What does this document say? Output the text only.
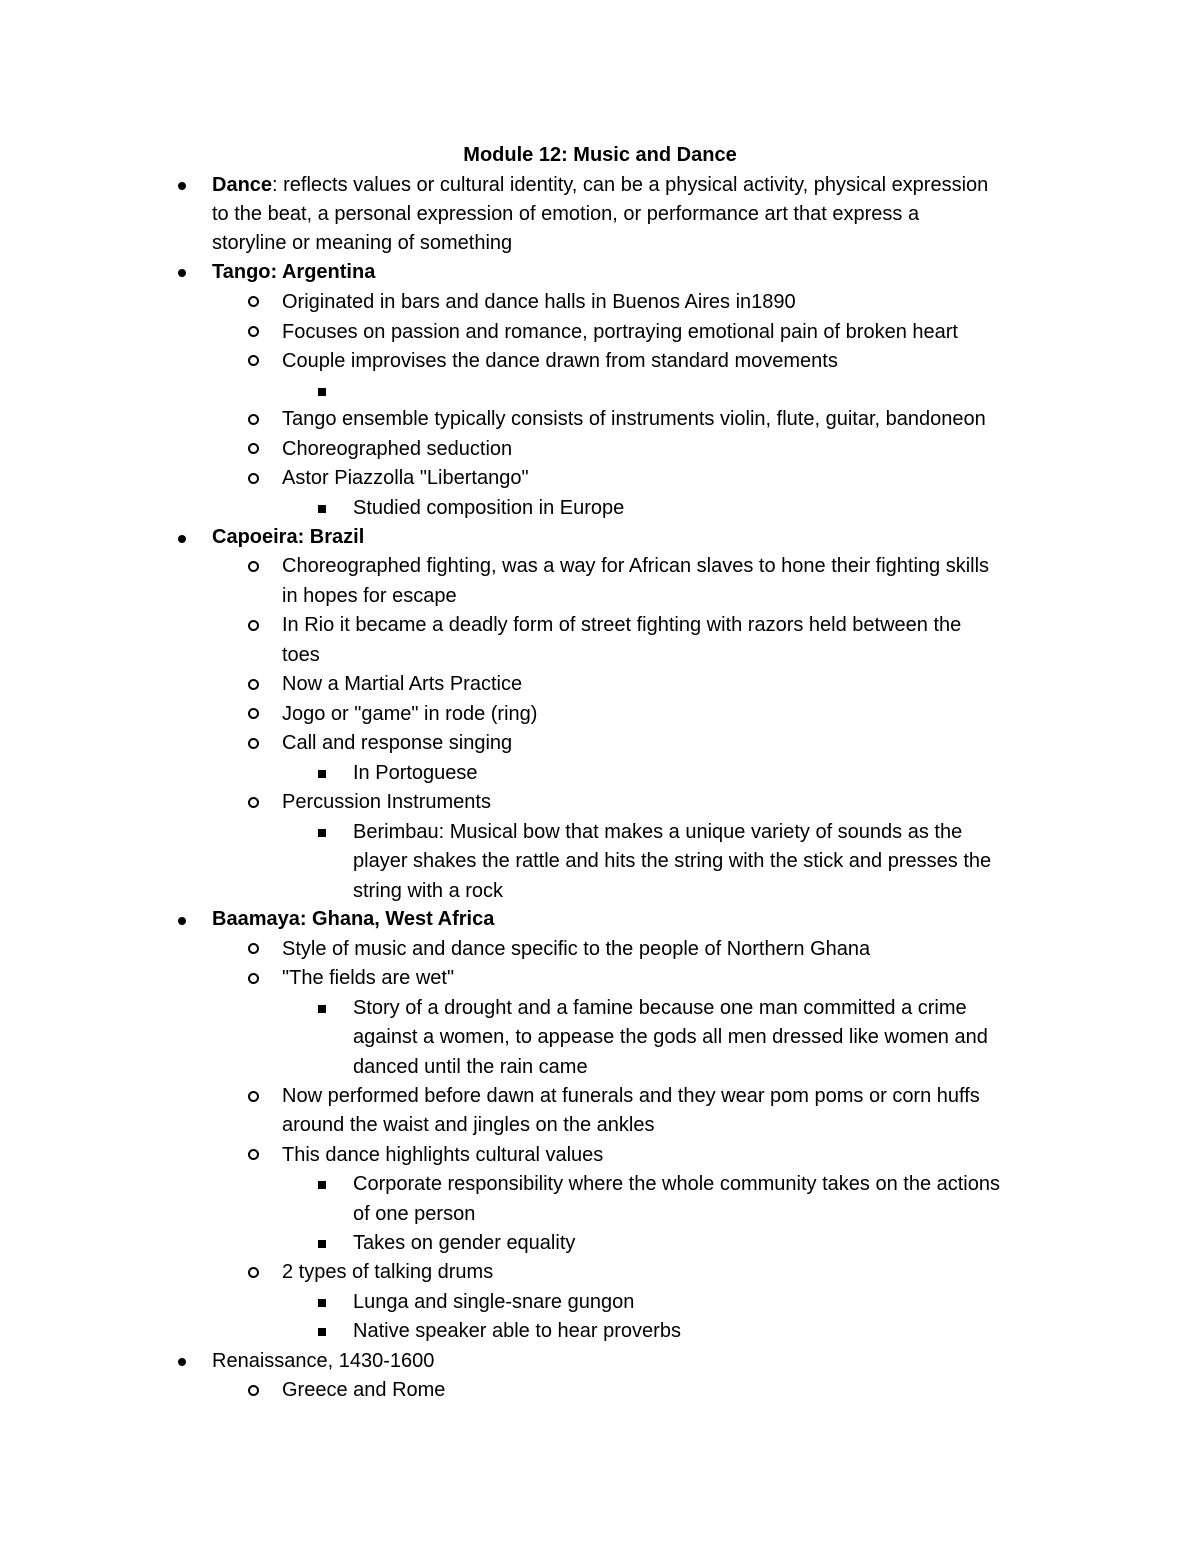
Module 12: Music and Dance
Dance: reflects values or cultural identity, can be a physical activity, physical expression
to the beat, a personal expression of emotion, or performance art that express a
storyline or meaning of something
Tango: Argentina
Originated in bars and dance halls in Buenos Aires in1890
Focuses on passion and romance, portraying emotional pain of broken heart
Couple improvises the dance drawn from standard movements
Tango ensemble typically consists of instruments violin, flute, guitar, bandoneon
Choreographed seduction
Astor Piazzolla "Libertango"
Studied composition in Europe
Capoeira: Brazil
Choreographed fighting, was a way for African slaves to hone their fighting skills
in hopes for escape
In Rio it became a deadly form of street fighting with razors held between the
toes
Now a Martial Arts Practice
Jogo or "game" in rode (ring)
Call and response singing
In Portoguese
Percussion Instruments
Berimbau: Musical bow that makes a unique variety of sounds as the
player shakes the rattle and hits the string with the stick and presses the
string with a rock
Baamaya: Ghana, West Africa
Style of music and dance specific to the people of Northern Ghana
"The fields are wet"
Story of a drought and a famine because one man committed a crime
against a women, to appease the gods all men dressed like women and
danced until the rain came
Now performed before dawn at funerals and they wear pom poms or corn huffs
around the waist and jingles on the ankles
This dance highlights cultural values
Corporate responsibility where the whole community takes on the actions
of one person
Takes on gender equality
2 types of talking drums
Lunga and single-snare gungon
Native speaker able to hear proverbs
Renaissance, 1430-1600
Greece and Rome
